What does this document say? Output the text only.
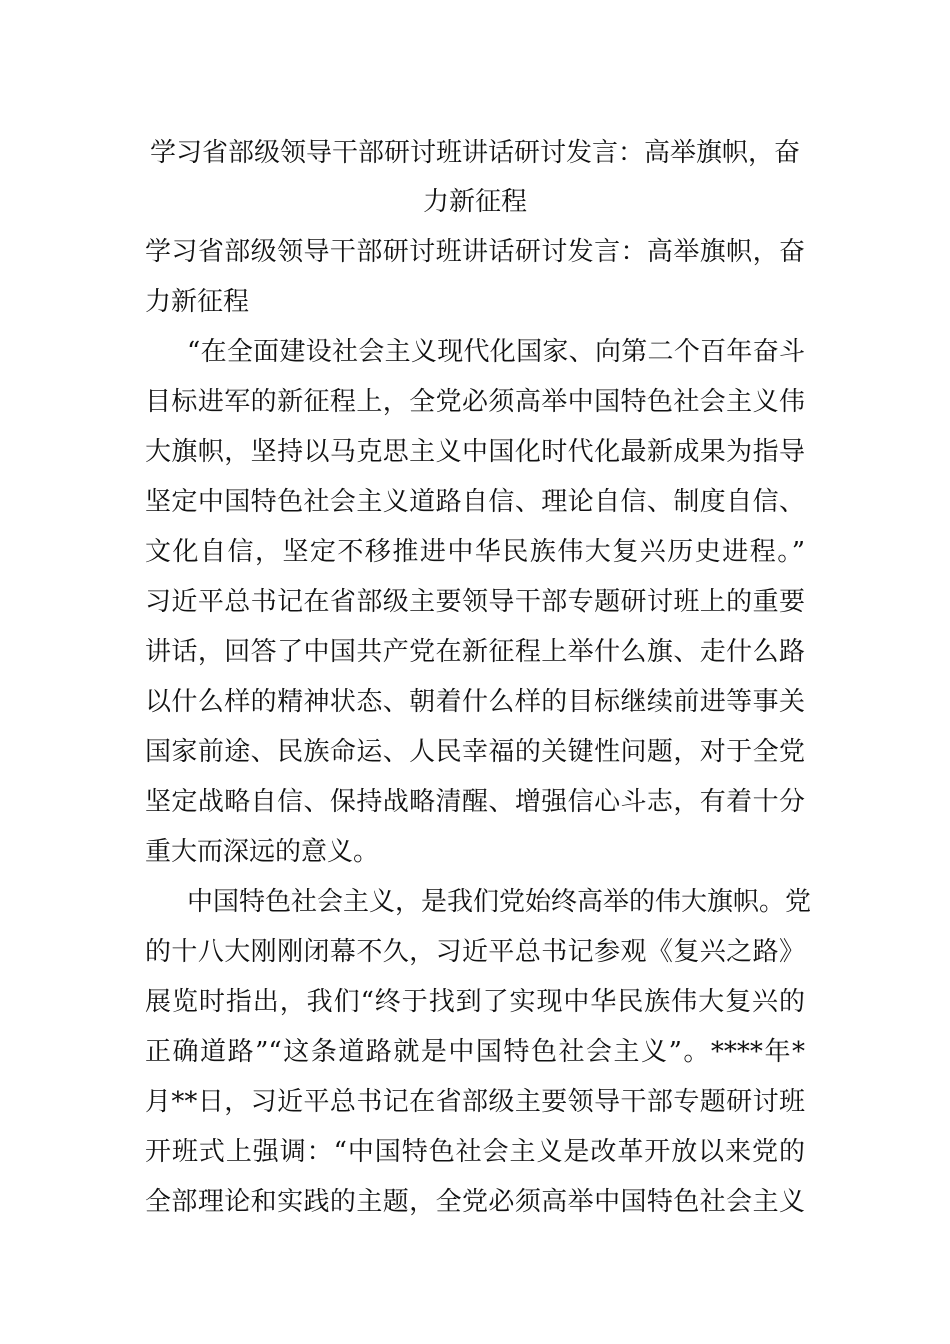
学习省部级领导干部研讨班讲话研讨发言：高举旗帜，奋
力新征程
学习省部级领导干部研讨班讲话研讨发言：高举旗帜，奋
力新征程
“在全面建设社会主义现代化国家、向第二个百年奋斗
目标进军的新征程上，全党必须高举中国特色社会主义伟
大旗帜，坚持以马克思主义中国化时代化最新成果为指导
坚定中国特色社会主义道路自信、理论自信、制度自信、
文化自信，坚定不移推进中华民族伟大复兴历史进程。”
习近平总书记在省部级主要领导干部专题研讨班上的重要
讲话，回答了中国共产党在新征程上举什么旗、走什么路
以什么样的精神状态、朝着什么样的目标继续前进等事关
国家前途、民族命运、人民幸福的关键性问题，对于全党
坚定战略自信、保持战略清醒、增强信心斗志，有着十分
重大而深远的意义。
中国特色社会主义，是我们党始终高举的伟大旗帜。党
的十八大刚刚闭幕不久，习近平总书记参观《复兴之路》
展览时指出，我们“终于找到了实现中华民族伟大复兴的
正确道路”“这条道路就是中国特色社会主义”。****年*
月**日，习近平总书记在省部级主要领导干部专题研讨班
开班式上强调：“中国特色社会主义是改革开放以来党的
全部理论和实践的主题，全党必须高举中国特色社会主义
